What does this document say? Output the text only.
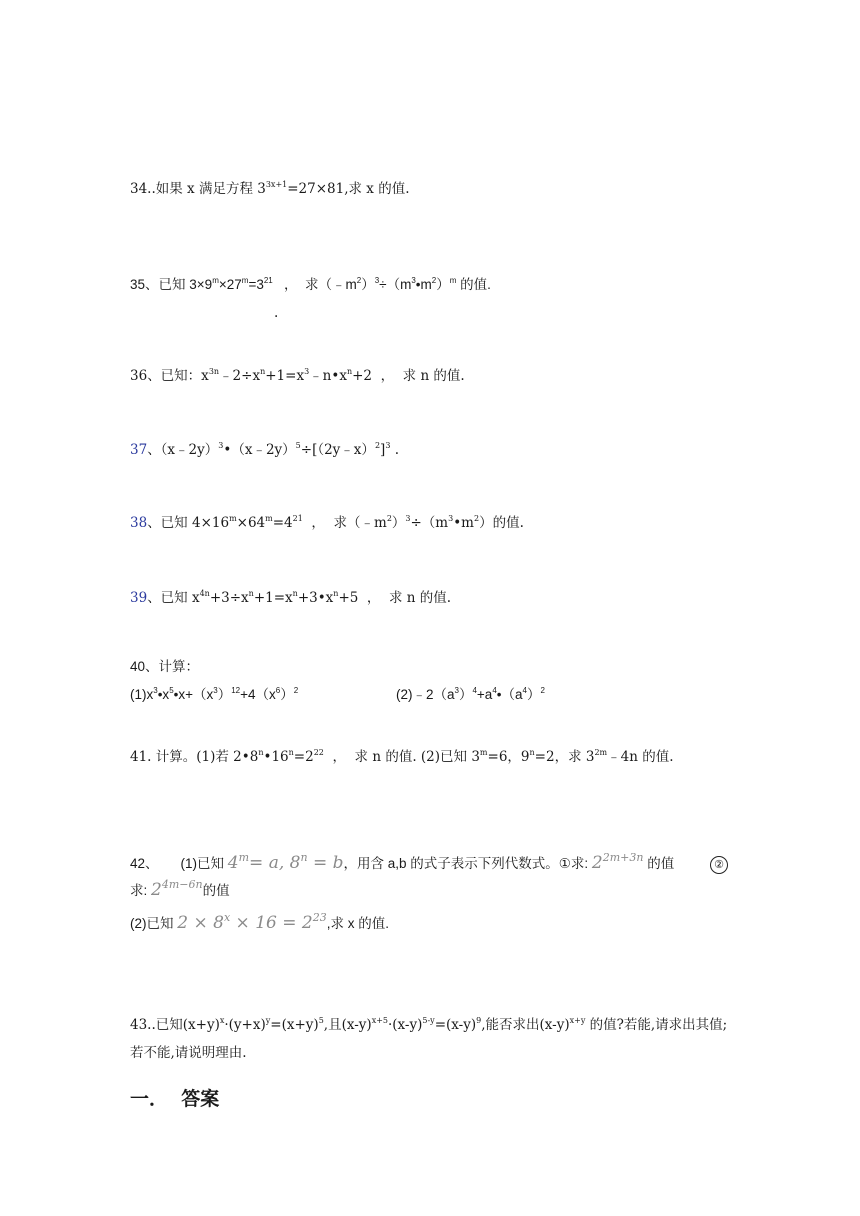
34..如果 x 满足方程 $3^{3x+1}=27\times 81$,求 x 的值.
35、已知 $3\times 9^m\times 27^m=3^{21}$   ，  求$(﹣m^2)^3\div(m^3•m^2)^m$ 的值.
.
36、已知：$x^{3n}﹣2\div x^n+1=x^3﹣n•x^n+2$  ，  求 n 的值.
37、（x﹣2y）$^3$•（x﹣2y）$^5$÷[（2y﹣x）$^2$]$^3$ .
38、已知 $4\times 16^m\times 64^m=4^{21}$  ，  求$(﹣m^2)^3\div(m^3•m^2)$的值.
39、已知 $x^{4n}+3\div x^n+1=x^n+3•x^n+5$  ，  求 n 的值.
40、计算：
$(1)x^3•x^5•x+(x^3)^{12}+4(x^6)^2$	$(2)﹣2(a^3)^4+a^4•(a^4)^2$
41. 计算。(1)若 $2•8^n•16^n=2^{22}$  ，  求 n 的值. (2)已知 $3^m=6$，$9^n=2$，求 $3^{2m}﹣4n$ 的值.
42、 (1)已知 $4^m= a$, $8^n = b$，用含 a,b 的式子表示下列代数式。①求: $2^{2m+3n}$ 的值	②
求: $2^{4m-6n}$的值
(2)已知 $2 \times 8^x \times 16 = 2^{23}$,求 x 的值.
43..已知$(x+y)^x\cdot(y+x)^y=(x+y)^5$,且$(x-y)^{x+5}\cdot(x-y)^{5-y}=(x-y)^9$,能否求出$(x-y)^{x+y}$ 的值?若能,请求出其值;
若不能,请说明理由.
一．  答案
